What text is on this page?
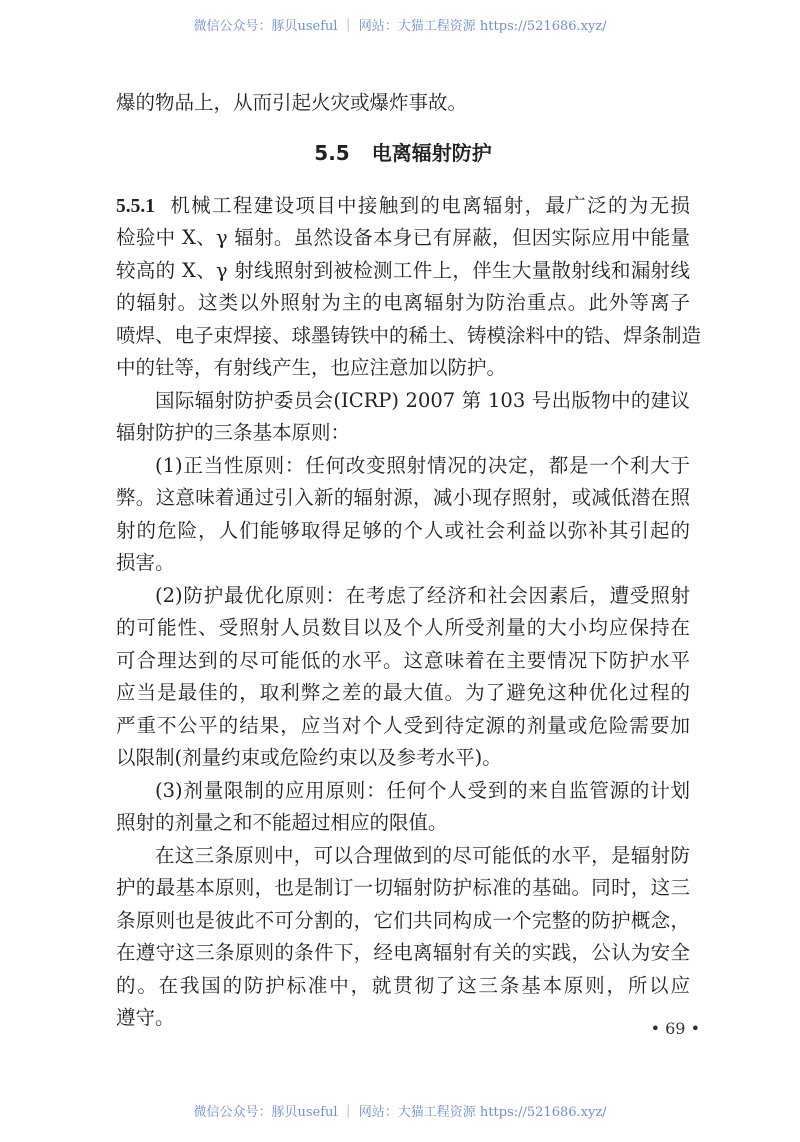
微信公众号：豚贝useful ｜ 网站：大猫工程资源 https://521686.xyz/
爆的物品上，从而引起火灾或爆炸事故。
5.5 电离辐射防护
5.5.1 机械工程建设项目中接触到的电离辐射，最广泛的为无损
检验中 X、γ 辐射。虽然设备本身已有屏蔽，但因实际应用中能量
较高的 X、γ 射线照射到被检测工件上，伴生大量散射线和漏射线
的辐射。这类以外照射为主的电离辐射为防治重点。此外等离子
喷焊、电子束焊接、球墨铸铁中的稀土、铸模涂料中的锆、焊条制造
中的钍等，有射线产生，也应注意加以防护。
国际辐射防护委员会(ICRP) 2007 第 103 号出版物中的建议
辐射防护的三条基本原则：
(1)正当性原则：任何改变照射情况的决定，都是一个利大于
弊。这意味着通过引入新的辐射源，减小现存照射，或减低潜在照
射的危险，人们能够取得足够的个人或社会利益以弥补其引起的
损害。
(2)防护最优化原则：在考虑了经济和社会因素后，遭受照射
的可能性、受照射人员数目以及个人所受剂量的大小均应保持在
可合理达到的尽可能低的水平。这意味着在主要情况下防护水平
应当是最佳的，取利弊之差的最大值。为了避免这种优化过程的
严重不公平的结果，应当对个人受到待定源的剂量或危险需要加
以限制(剂量约束或危险约束以及参考水平)。
(3)剂量限制的应用原则：任何个人受到的来自监管源的计划
照射的剂量之和不能超过相应的限值。
在这三条原则中，可以合理做到的尽可能低的水平，是辐射防
护的最基本原则，也是制订一切辐射防护标准的基础。同时，这三
条原则也是彼此不可分割的，它们共同构成一个完整的防护概念，
在遵守这三条原则的条件下，经电离辐射有关的实践，公认为安全
的。在我国的防护标准中，就贯彻了这三条基本原则，所以应
遵守。	• 69 •
微信公众号：豚贝useful ｜ 网站：大猫工程资源 https://521686.xyz/
